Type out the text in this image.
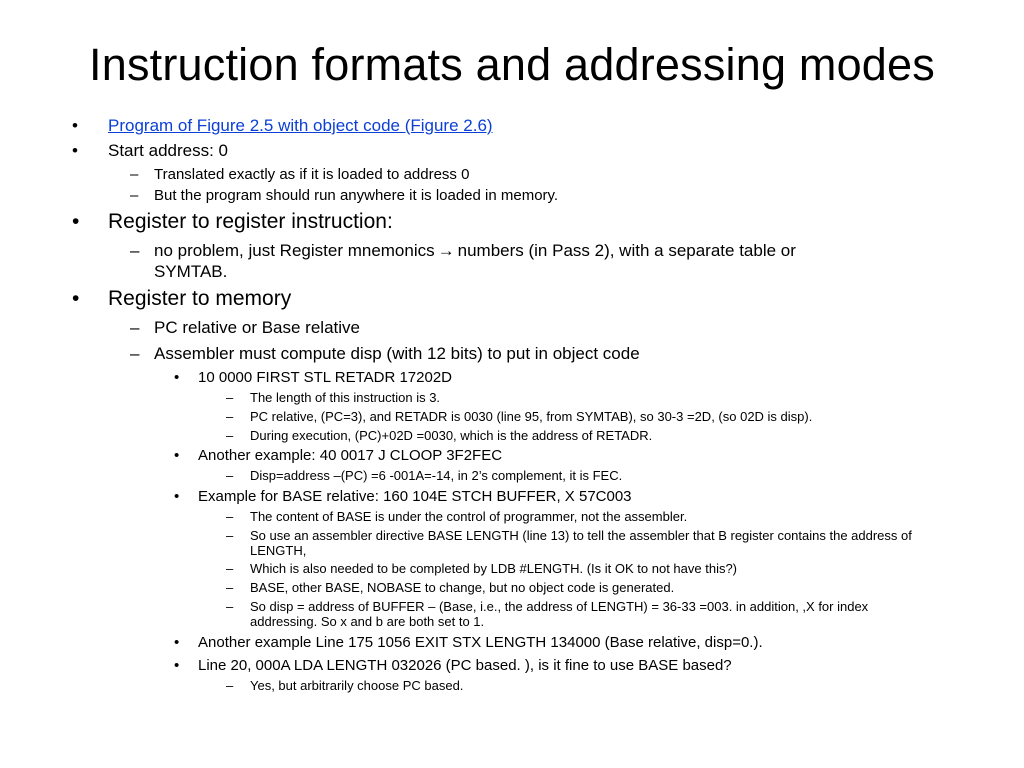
Instruction formats and addressing modes
• Program of Figure 2.5 with object code (Figure 2.6)
• Start address: 0
– Translated exactly as if it is loaded to address 0
– But the program should run anywhere it is loaded in memory.
• Register to register instruction:
– no problem, just Register mnemonics → numbers (in Pass 2), with a separate table or
SYMTAB.
• Register to memory
– PC relative or Base relative
– Assembler must compute disp (with 12 bits) to put in object code
• 10 0000 FIRST STL RETADR 17202D
– The length of this instruction is 3.
– PC relative, (PC=3), and RETADR is 0030 (line 95, from SYMTAB), so 30-3 =2D, (so 02D is disp).
– During execution, (PC)+02D =0030, which is the address of RETADR.
• Another example: 40 0017 J CLOOP 3F2FEC
– Disp=address –(PC) =6 -001A=-14, in 2’s complement, it is FEC.
• Example for BASE relative: 160 104E STCH BUFFER, X 57C003
– The content of BASE is under the control of programmer, not the assembler.
– So use an assembler directive BASE LENGTH (line 13) to tell the assembler that B register contains the address of
LENGTH,
– Which is also needed to be completed by LDB #LENGTH. (Is it OK to not have this?)
– BASE, other BASE, NOBASE to change, but no object code is generated.
– So disp = address of BUFFER – (Base, i.e., the address of LENGTH) = 36-33 =003. in addition, ,X for index
addressing. So x and b are both set to 1.
• Another example Line 175 1056 EXIT STX LENGTH 134000 (Base relative, disp=0.).
• Line 20, 000A LDA LENGTH 032026 (PC based. ), is it fine to use BASE based?
– Yes, but arbitrarily choose PC based.
